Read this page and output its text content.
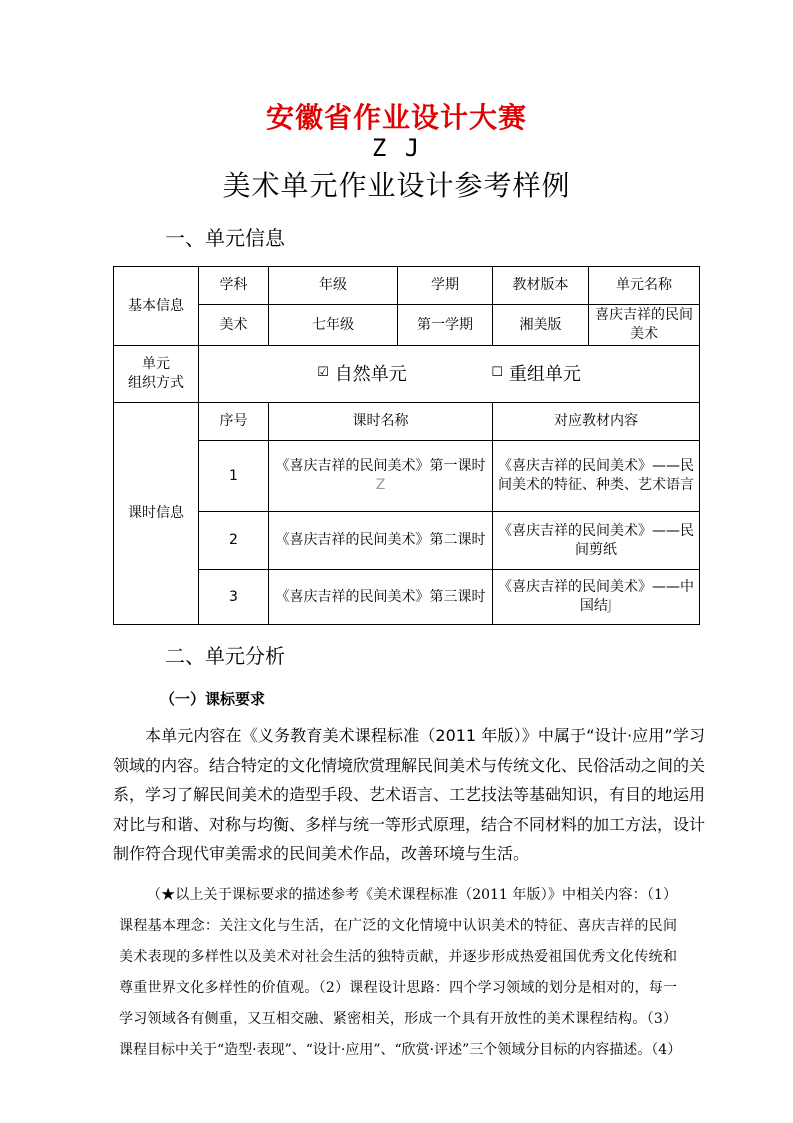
安徽省作业设计大赛
Z J
美术单元作业设计参考样例
一、单元信息
基本信息	学科	年级	学期	教材版本	单元名称
	美术	七年级	第一学期	湘美版	喜庆吉祥的民间美术
单元
组织方式	☑ 自然单元 ☐ 重组单元				
课时信息	序号	课时名称		对应教材内容	
	1	《喜庆吉祥的民间美术》第一课时Z		《喜庆吉祥的民间美术》——民间美术的特征、种类、艺术语言	
	2	《喜庆吉祥的民间美术》第二课时		《喜庆吉祥的民间美术》——民间剪纸	
	3	《喜庆吉祥的民间美术》第三课时		《喜庆吉祥的民间美术》——中国结J	
二、单元分析
（一）课标要求
本单元内容在《义务教育美术课程标准（2011 年版）》中属于“设计·应用”学习领域的内容。结合特定的文化情境欣赏理解民间美术与传统文化、民俗活动之间的关系，学习了解民间美术的造型手段、艺术语言、工艺技法等基础知识，有目的地运用对比与和谐、对称与均衡、多样与统一等形式原理，结合不同材料的加工方法，设计制作符合现代审美需求的民间美术作品，改善环境与生活。
（★以上关于课标要求的描述参考《美术课程标准（2011 年版）》中相关内容：（1）课程基本理念：关注文化与生活，在广泛的文化情境中认识美术的特征、喜庆吉祥的民间美术表现的多样性以及美术对社会生活的独特贡献，并逐步形成热爱祖国优秀文化传统和尊重世界文化多样性的价值观。（2）课程设计思路：四个学习领域的划分是相对的，每一学习领域各有侧重，又互相交融、紧密相关，形成一个具有开放性的美术课程结构。（3）课程目标中关于“造型·表现”、“设计·应用”、“欣赏·评述”三个领域分目标的内容描述。（4）
